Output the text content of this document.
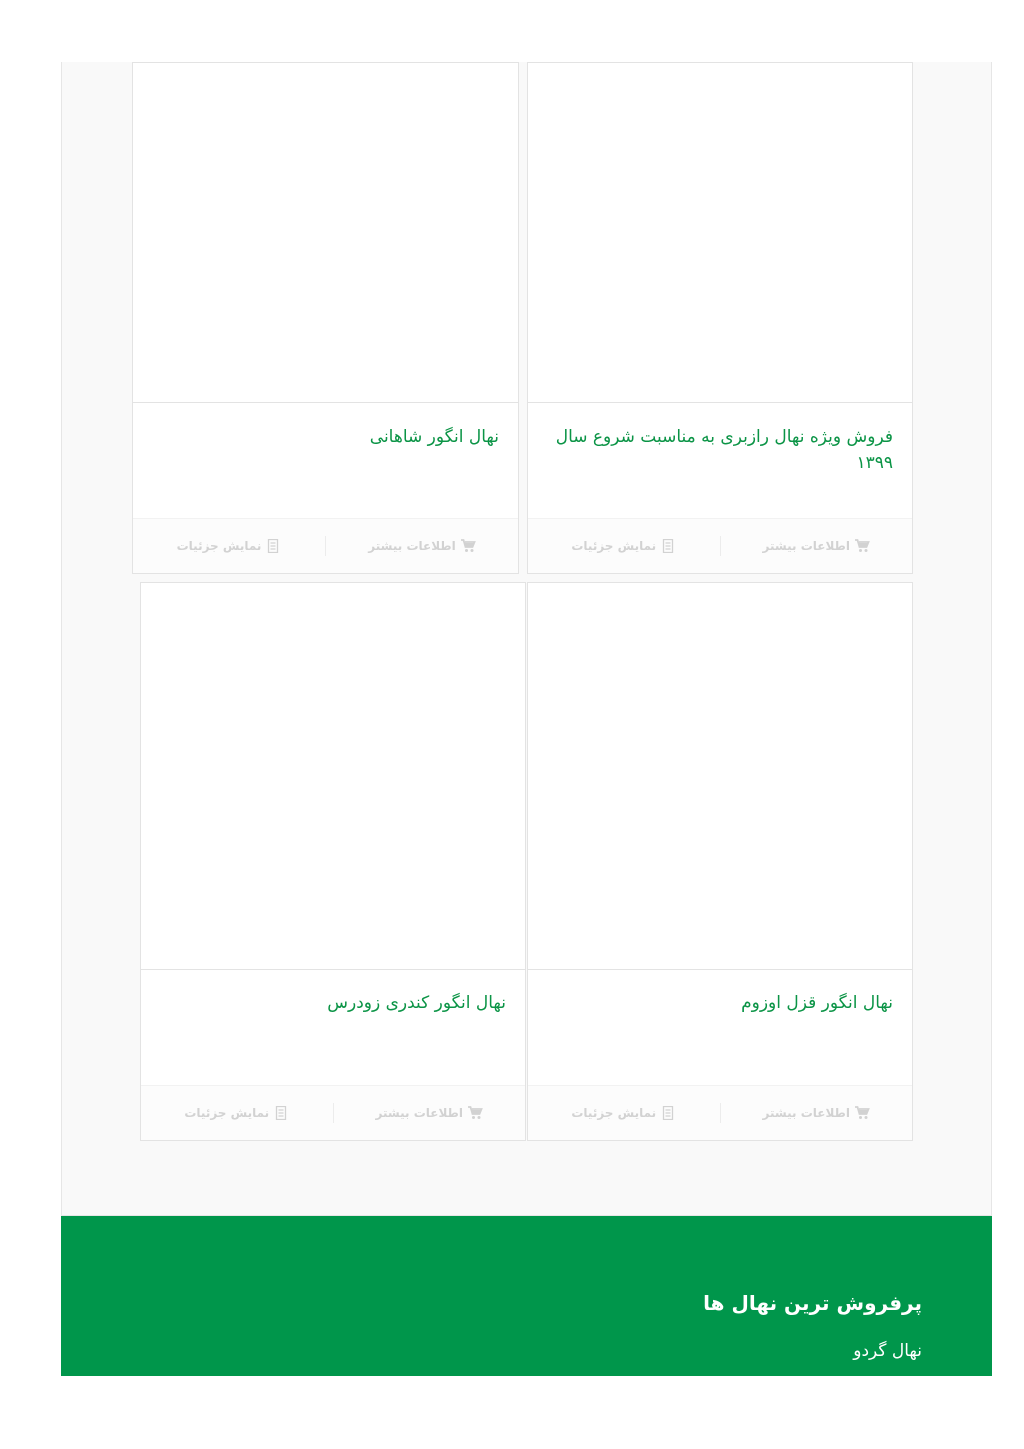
فروش ویژه نهال رازبری به مناسبت شروع سال ۱۳۹۹
اطلاعات بیشتر
نمایش جزئیات
نهال انگور شاهانی
اطلاعات بیشتر
نمایش جزئیات
نهال انگور قزل اوزوم
اطلاعات بیشتر
نمایش جزئیات
نهال انگور کندری زودرس
اطلاعات بیشتر
نمایش جزئیات
پرفروش ترین نهال ها
نهال گردو
